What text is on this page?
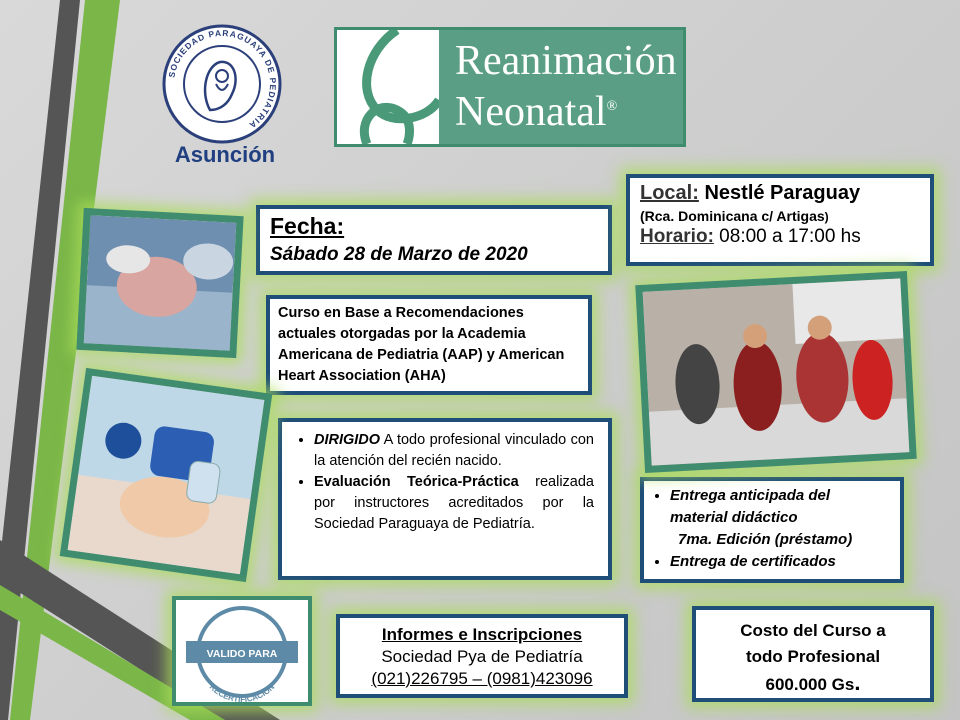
SOCIEDAD PARAGUAYA DE PEDIATRIA
Asunción
Reanimación
Neonatal®
Fecha:
Sábado 28 de Marzo de 2020
Local: Nestlé Paraguay
(Rca. Dominicana c/ Artigas)
Horario: 08:00 a 17:00 hs
Curso en Base a Recomendaciones actuales otorgadas por la Academia Americana de Pediatria (AAP) y American Heart Association (AHA)
• DIRIGIDO A todo profesional vinculado con la atención del recién nacido.
• Evaluación Teórica-Práctica realizada por instructores acreditados por la Sociedad Paraguaya de Pediatría.
• Entrega anticipada del
material didáctico
7ma. Edición (préstamo)
• Entrega de certificados
VALIDO PARA
RECERTIFICACION
Informes e Inscripciones
Sociedad Pya de Pediatría
(021)226795 – (0981)423096
Costo del Curso a
todo Profesional
600.000 Gs.
